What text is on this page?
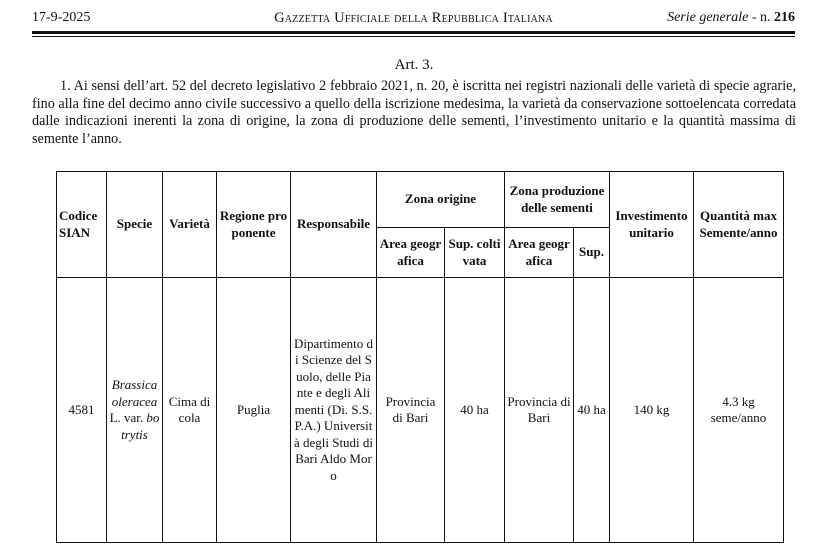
17-9-2025	Gazzetta Ufficiale della Repubblica Italiana	Serie generale - n. 216
Art. 3.
1. Ai sensi dell’art. 52 del decreto legislativo 2 febbraio 2021, n. 20, è iscritta nei registri nazionali delle varietà di specie agrarie, fino alla fine del decimo anno civile successivo a quello della iscrizione medesima, la varietà da conservazione sottoelencata corredata dalle indicazioni inerenti la zona di origine, la zona di produzione delle sementi, l’investimento unitario e la quantità massima di semente l’anno.
Codice SIAN	Specie	Varietà	Regione proponente	Responsabile	Zona origine		Zona produzione delle sementi		Investimento unitario	Quantità max Semente/anno
					Area geografica	Sup. coltivata	Area geografica	Sup.		
4581	Brassica oleracea L. var. botrytis	Cima di cola	Puglia	Dipartimento di Scienze del Suolo, delle Piante e degli Alimenti (Di. S.S.P.A.) Università degli Studi di Bari Aldo Moro	Provincia di Bari	40 ha	Provincia di Bari	40 ha	140 kg	4.3 kg seme/anno
